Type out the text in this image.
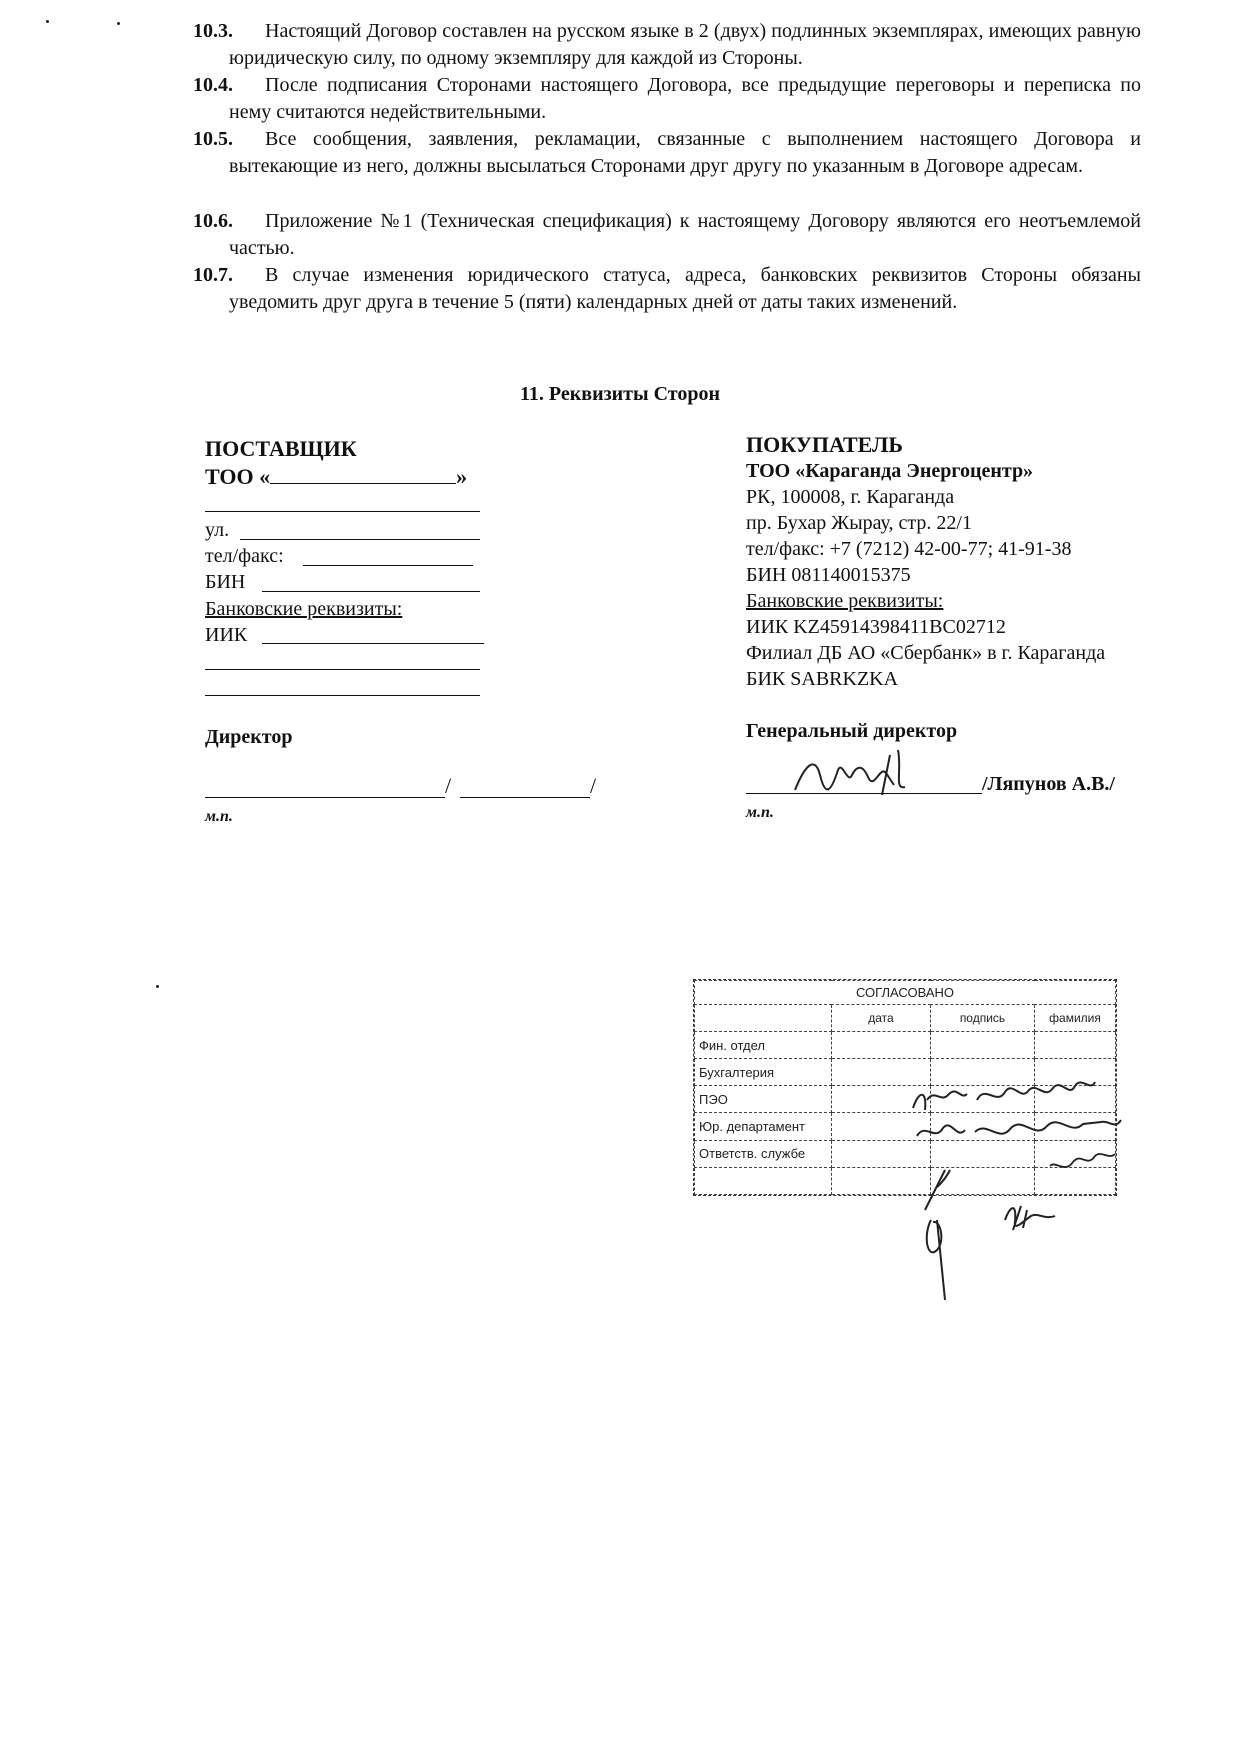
10.3.	Настоящий Договор составлен на русском языке в 2 (двух) подлинных экземплярах, имеющих равную юридическую силу, по одному экземпляру для каждой из Стороны.
10.4.	После подписания Сторонами настоящего Договора, все предыдущие переговоры и переписка по нему считаются недействительными.
10.5.	Все сообщения, заявления, рекламации, связанные с выполнением настоящего Договора и вытекающие из него, должны высылаться Сторонами друг другу по указанным в Договоре адресам.
10.6.	Приложение №1 (Техническая спецификация) к настоящему Договору являются его неотъемлемой частью.
10.7.	В случае изменения юридического статуса, адреса, банковских реквизитов Стороны обязаны уведомить друг друга в течение 5 (пяти) календарных дней от даты таких изменений.
11. Реквизиты Сторон
ПОСТАВЩИК
ТОО «	»
ул.
тел/факс:
БИН
Банковские реквизиты:
ИИК
Директор
/	/
м.п.
ПОКУПАТЕЛЬ
ТОО «Караганда Энергоцентр»
РК, 100008, г. Караганда
пр. Бухар Жырау, стр. 22/1
тел/факс: +7 (7212) 42-00-77; 41-91-38
БИН 081140015375
Банковские реквизиты:
ИИК KZ45914398411BC02712
Филиал ДБ АО «Сбербанк» в г. Караганда
БИК SABRKZKA
Генеральный директор
/Ляпунов А.В./
м.п.
СОГЛАСОВАНО			
	дата	подпись	фамилия
Фин. отдел			
Бухгалтерия			
ПЭО			
Юр. департамент			
Ответств. службе			
